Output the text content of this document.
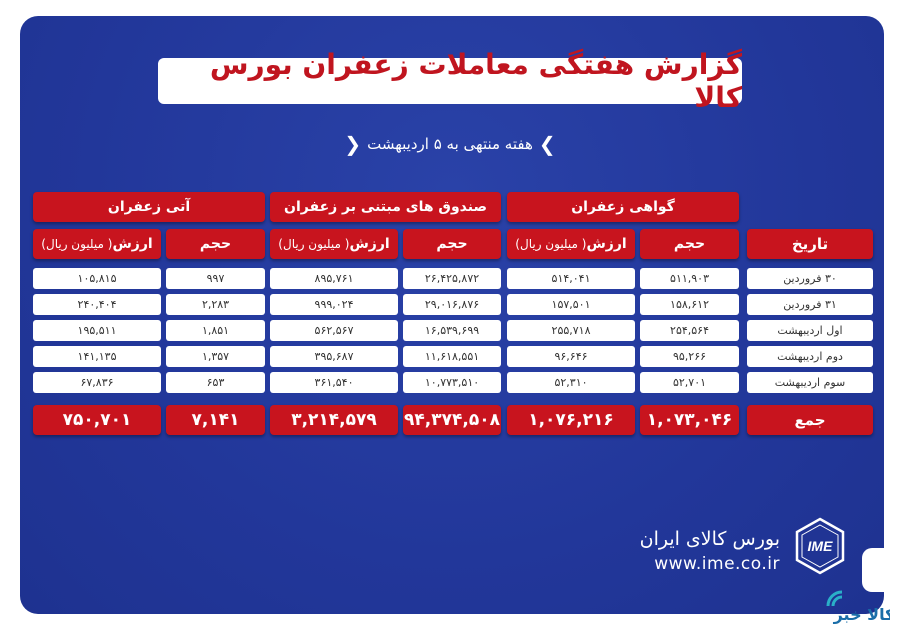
گزارش هفتگی معاملات زعفران بورس کالا
❯هفته منتهی به ۵ اردیبهشت❮
گواهی زعفران
صندوق های مبتنی بر زعفران
آتی زعفران
تاریخ
حجم
ارزش
( میلیون ریال)
حجم
ارزش
( میلیون ریال)
حجم
ارزش
( میلیون ریال)
۳۰ فروردین
۵۱۱,۹۰۳
۵۱۴,۰۴۱
۲۶,۴۲۵,۸۷۲
۸۹۵,۷۶۱
۹۹۷
۱۰۵,۸۱۵
۳۱ فروردین
۱۵۸,۶۱۲
۱۵۷,۵۰۱
۲۹,۰۱۶,۸۷۶
۹۹۹,۰۲۴
۲,۲۸۳
۲۴۰,۴۰۴
اول اردیبهشت
۲۵۴,۵۶۴
۲۵۵,۷۱۸
۱۶,۵۳۹,۶۹۹
۵۶۲,۵۶۷
۱,۸۵۱
۱۹۵,۵۱۱
دوم اردیبهشت
۹۵,۲۶۶
۹۶,۶۴۶
۱۱,۶۱۸,۵۵۱
۳۹۵,۶۸۷
۱,۳۵۷
۱۴۱,۱۳۵
سوم اردیبهشت
۵۲,۷۰۱
۵۲,۳۱۰
۱۰,۷۷۳,۵۱۰
۳۶۱,۵۴۰
۶۵۳
۶۷,۸۳۶
جمع
۱,۰۷۳,۰۴۶
۱,۰۷۶,۲۱۶
۹۴,۳۷۴,۵۰۸
۳,۲۱۴,۵۷۹
۷,۱۴۱
۷۵۰,۷۰۱
بورس کالای ایران
www.ime.co.ir
IME
کالا خبر
